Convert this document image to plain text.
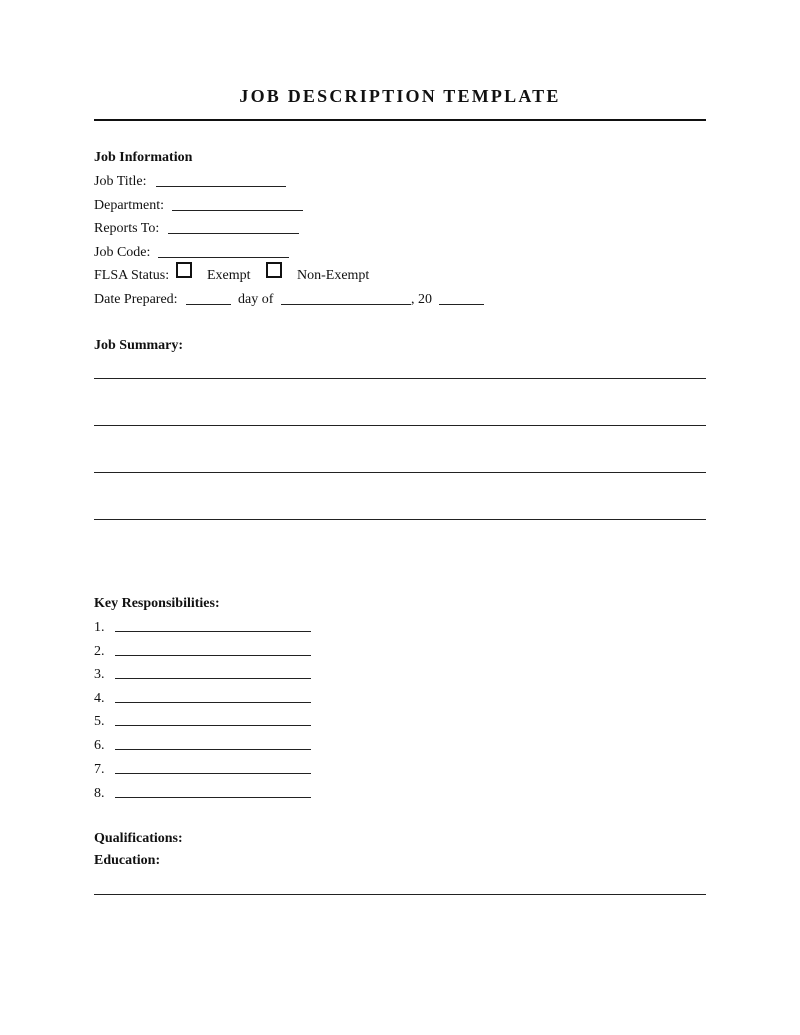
JOB DESCRIPTION TEMPLATE
Job Information
Job Title:
Department:
Reports To:
Job Code:
FLSA Status:	Exempt	Non-Exempt
Date Prepared:	day of	, 20
Job Summary:
Key Responsibilities:
1.
2.
3.
4.
5.
6.
7.
8.
Qualifications:
Education:
